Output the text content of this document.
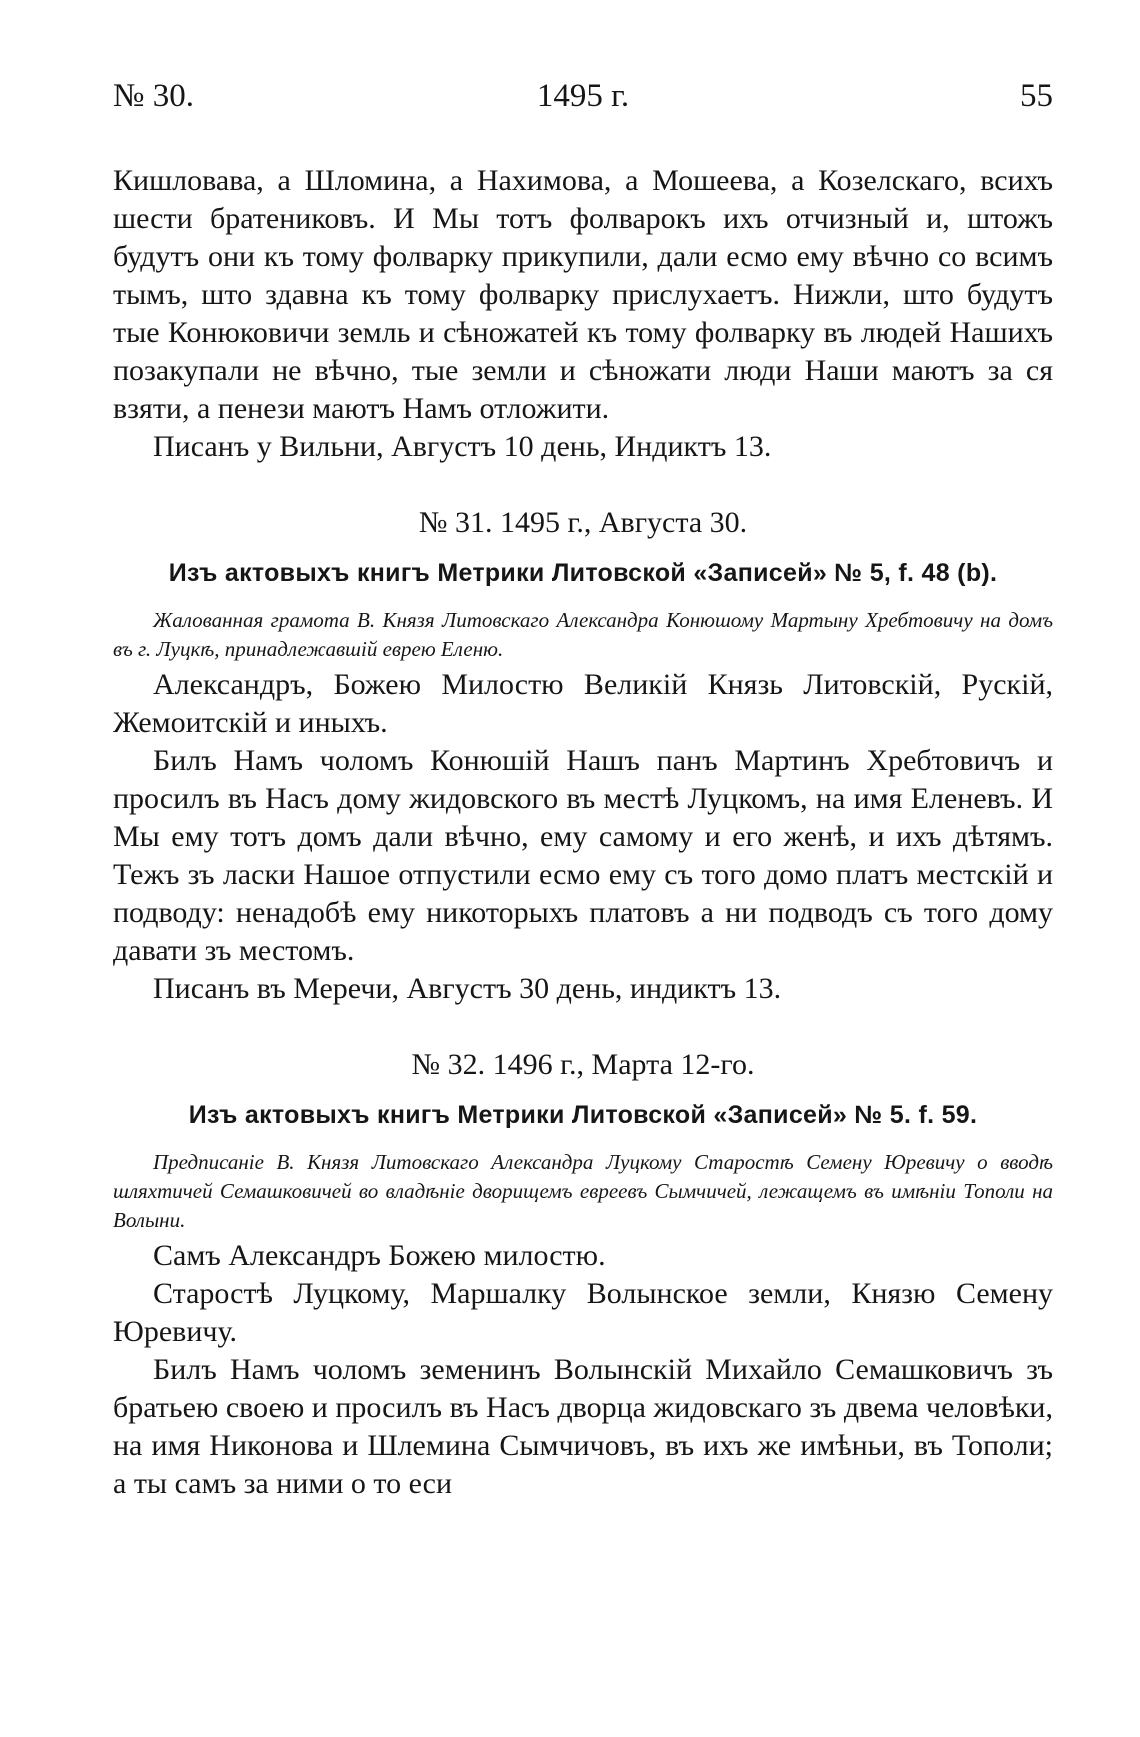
№ 30.	1495 г.	55

Кишловава, а Шломина, а Нахимова, а Мошеева, а Козелскаго, всихъ шести братениковъ. И Мы тотъ фолварокъ ихъ отчизный и, штожъ будутъ они къ тому фолварку прикупили, дали есмо ему вѣчно со всимъ тымъ, што здавна къ тому фолварку прислухаетъ. Нижли, што будутъ тые Конюковичи земль и сѣножатей къ тому фолварку въ людей Нашихъ позакупали не вѣчно, тые земли и сѣножати люди Наши маютъ за ся взяти, а пенези маютъ Намъ отложити.

Писанъ у Вильни, Августъ 10 день, Индиктъ 13.

№ 31. 1495 г., Августа 30.
Изъ актовыхъ книгъ Метрики Литовской «Записей» № 5, f. 48 (b).

Жалованная грамота В. Князя Литовскаго Александра Конюшому Мартыну Хребтовичу на домъ въ г. Луцкѣ, принадлежавшій еврею Еленю.

Александръ, Божею Милостю Великій Князь Литовскій, Рускій, Жемоитскій и иныхъ.

Билъ Намъ чоломъ Конюшій Нашъ панъ Мартинъ Хребтовичъ и просилъ въ Насъ дому жидовского въ местѣ Луцкомъ, на имя Еленевъ. И Мы ему тотъ домъ дали вѣчно, ему самому и его женѣ, и ихъ дѣтямъ. Тежъ зъ ласки Нашое отпустили есмо ему съ того домо платъ местскій и подводу: ненадобѣ ему никоторыхъ платовъ а ни подводъ съ того дому давати зъ местомъ.

Писанъ въ Меречи, Августъ 30 день, индиктъ 13.

№ 32. 1496 г., Марта 12-го.
Изъ актовыхъ книгъ Метрики Литовской «Записей» № 5. f. 59.

Предписаніе В. Князя Литовскаго Александра Луцкому Старостѣ Семену Юревичу о вводѣ шляхтичей Семашковичей во владѣніе дворищемъ евреевъ Сымчичей, лежащемъ въ имѣніи Тополи на Волыни.

Самъ Александръ Божею милостю.

Старостѣ Луцкому, Маршалку Волынское земли, Князю Семену Юревичу.

Билъ Намъ чоломъ земенинъ Волынскій Михайло Семашковичъ зъ братьею своею и просилъ въ Насъ дворца жидовскаго зъ двема человѣки, на имя Никонова и Шлемина Сымчичовъ, въ ихъ же имѣньи, въ Тополи; а ты самъ за ними о то еси
